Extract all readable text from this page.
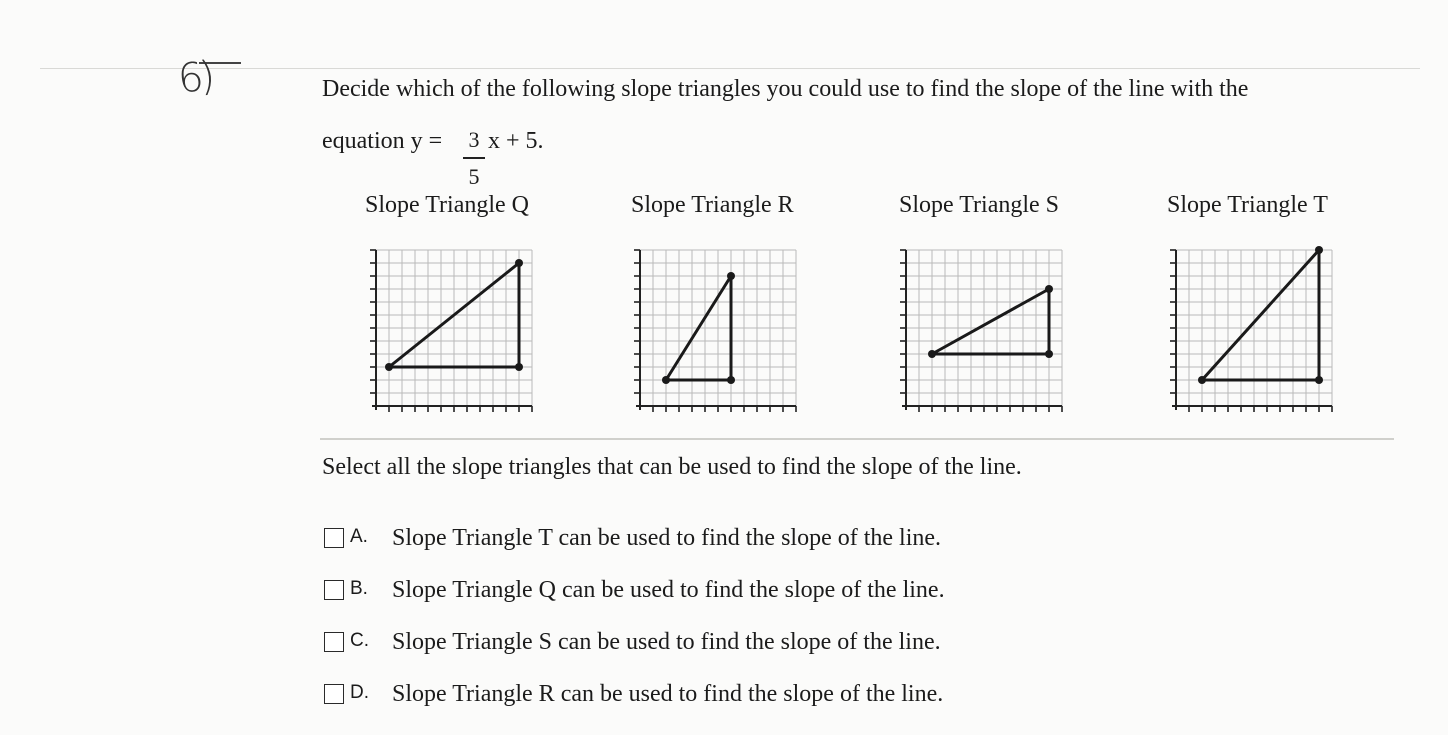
6)	Decide which of the following slope triangles you could use to find the slope of the line with the
equation y = 3
5
x + 5.
Slope Triangle Q	Slope Triangle R	Slope Triangle S	Slope Triangle T
Select all the slope triangles that can be used to find the slope of the line.
A. Slope Triangle T can be used to find the slope of the line.
B. Slope Triangle Q can be used to find the slope of the line.
C. Slope Triangle S can be used to find the slope of the line.
D. Slope Triangle R can be used to find the slope of the line.
